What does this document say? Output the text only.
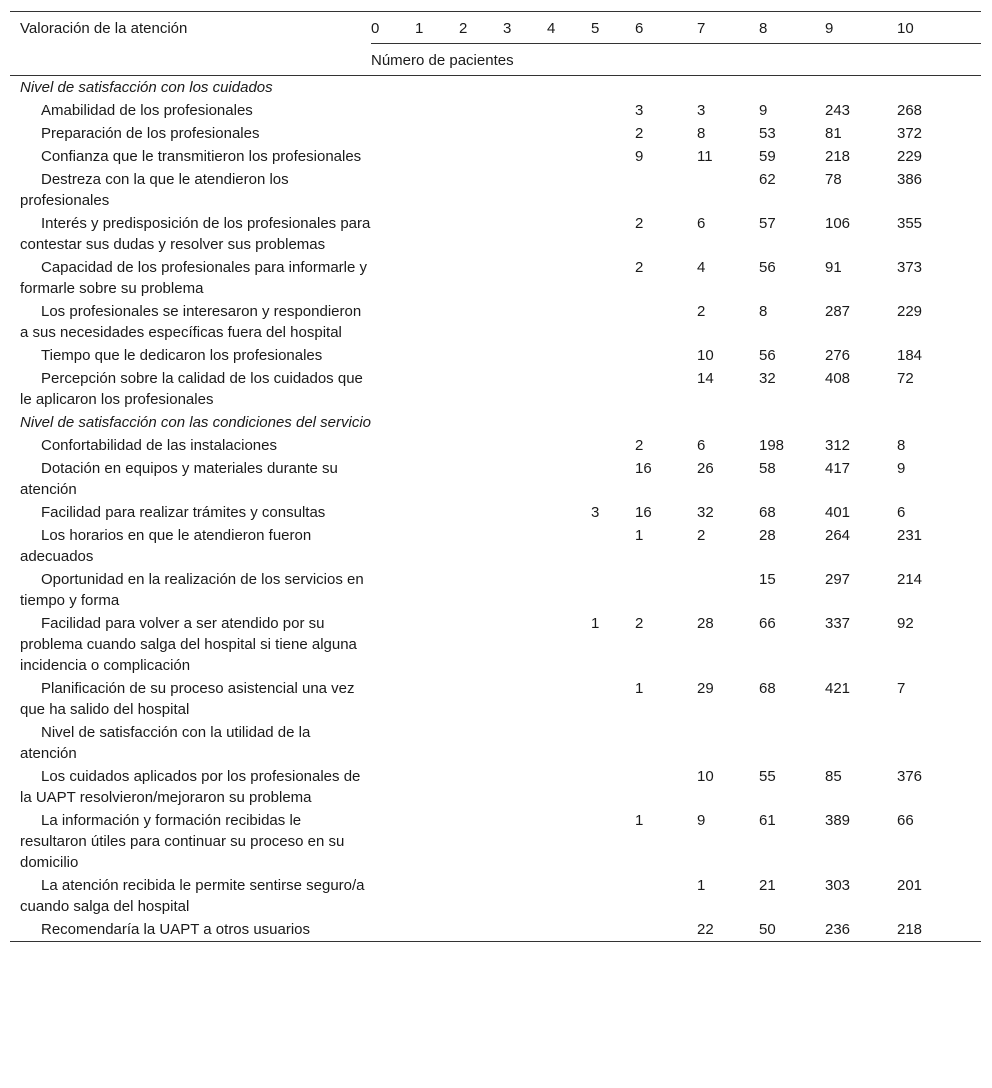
Valoración de la atención	0	1	2	3	4	5	6	7	8	9	10
	Número de pacientes										
Nivel de satisfacción con los cuidados											
Amabilidad de los profesionales							3	3	9	243	268
Preparación de los profesionales							2	8	53	81	372
Confianza que le transmitieron los profesionales							9	11	59	218	229
Destreza con la que le atendieron los profesionales									62	78	386
Interés y predisposición de los profesionales para contestar sus dudas y resolver sus problemas							2	6	57	106	355
Capacidad de los profesionales para informarle y formarle sobre su problema							2	4	56	91	373
Los profesionales se interesaron y respondieron a sus necesidades específicas fuera del hospital								2	8	287	229
Tiempo que le dedicaron los profesionales								10	56	276	184
Percepción sobre la calidad de los cuidados que le aplicaron los profesionales								14	32	408	72
Nivel de satisfacción con las condiciones del servicio											
Confortabilidad de las instalaciones							2	6	198	312	8
Dotación en equipos y materiales durante su atención							16	26	58	417	9
Facilidad para realizar trámites y consultas						3	16	32	68	401	6
Los horarios en que le atendieron fueron adecuados							1	2	28	264	231
Oportunidad en la realización de los servicios en tiempo y forma									15	297	214
Facilidad para volver a ser atendido por su problema cuando salga del hospital si tiene alguna incidencia o complicación						1	2	28	66	337	92
Planificación de su proceso asistencial una vez que ha salido del hospital							1	29	68	421	7
Nivel de satisfacción con la utilidad de la atención											
Los cuidados aplicados por los profesionales de la UAPT resolvieron/mejoraron su problema								10	55	85	376
La información y formación recibidas le resultaron útiles para continuar su proceso en su domicilio							1	9	61	389	66
La atención recibida le permite sentirse seguro/a cuando salga del hospital								1	21	303	201
Recomendaría la UAPT a otros usuarios								22	50	236	218
